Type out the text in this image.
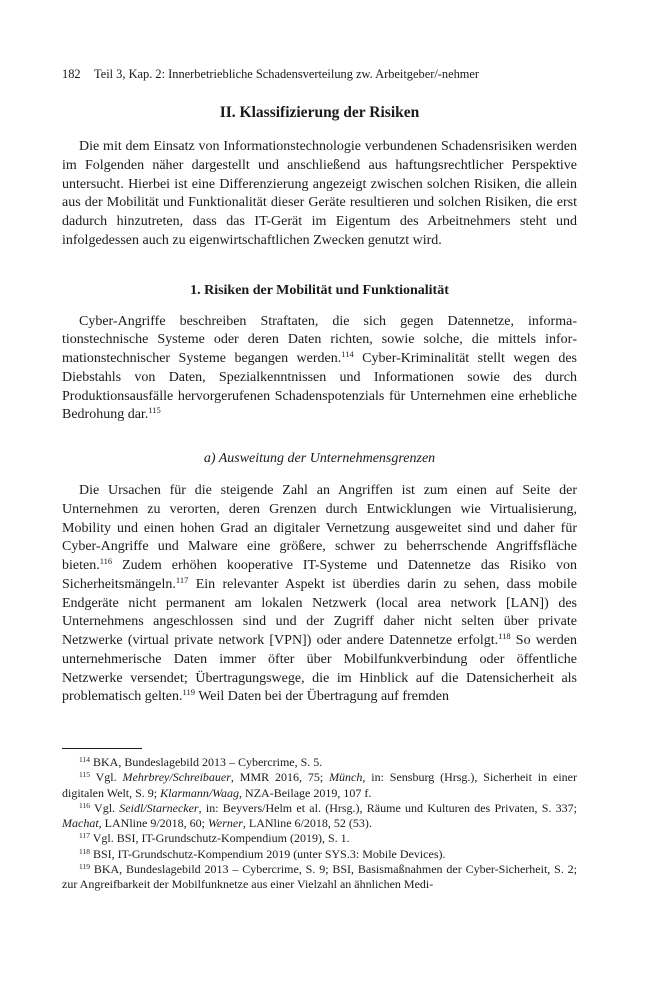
182 Teil 3, Kap. 2: Innerbetriebliche Schadensverteilung zw. Arbeitgeber/-nehmer
II. Klassifizierung der Risiken

Die mit dem Einsatz von Informationstechnologie verbundenen Schadensrisiken werden im Folgenden näher dargestellt und anschließend aus haftungsrechtlicher Perspektive untersucht. Hierbei ist eine Differenzierung angezeigt zwischen solchen Risiken, die allein aus der Mobilität und Funktionalität dieser Geräte resultieren und solchen Risiken, die erst dadurch hinzutreten, dass das IT-Gerät im Eigentum des Arbeitnehmers steht und infolgedessen auch zu eigenwirtschaftlichen Zwecken genutzt wird.

1. Risiken der Mobilität und Funktionalität

Cyber-Angriffe beschreiben Straftaten, die sich gegen Datennetze, informationstechnische Systeme oder deren Daten richten, sowie solche, die mittels informationstechnischer Systeme begangen werden.$^{114}$ Cyber-Kriminalität stellt wegen des Diebstahls von Daten, Spezialkenntnissen und Informationen sowie des durch Produktionsausfälle hervorgerufenen Schadenspotenzials für Unternehmen eine erhebliche Bedrohung dar.$^{115}$

a) Ausweitung der Unternehmensgrenzen

Die Ursachen für die steigende Zahl an Angriffen ist zum einen auf Seite der Unternehmen zu verorten, deren Grenzen durch Entwicklungen wie Virtualisierung, Mobility und einen hohen Grad an digitaler Vernetzung ausgeweitet sind und daher für Cyber-Angriffe und Malware eine größere, schwer zu beherrschende Angriffsfläche bieten.$^{116}$ Zudem erhöhen kooperative IT-Systeme und Datennetze das Risiko von Sicherheitsmängeln.$^{117}$ Ein relevanter Aspekt ist überdies darin zu sehen, dass mobile Endgeräte nicht permanent am lokalen Netzwerk (local area network [LAN]) des Unternehmens angeschlossen sind und der Zugriff daher nicht selten über private Netzwerke (virtual private network [VPN]) oder andere Datennetze erfolgt.$^{118}$ So werden unternehmerische Daten immer öfter über Mobilfunkverbindung oder öffentliche Netzwerke versendet; Übertragungswege, die im Hinblick auf die Datensicherheit als problematisch gelten.$^{119}$ Weil Daten bei der Übertragung auf fremden

$^{114}$ BKA, Bundeslagebild 2013 – Cybercrime, S. 5.

$^{115}$ Vgl. Mehrbrey/Schreibauer, MMR 2016, 75; Münch, in: Sensburg (Hrsg.), Sicherheit in einer digitalen Welt, S. 9; Klarmann/Waag, NZA-Beilage 2019, 107 f.

$^{116}$ Vgl. Seidl/Starnecker, in: Beyvers/Helm et al. (Hrsg.), Räume und Kulturen des Privaten, S. 337; Machat, LANline 9/2018, 60; Werner, LANline 6/2018, 52 (53).

$^{117}$ Vgl. BSI, IT-Grundschutz-Kompendium (2019), S. 1.

$^{118}$ BSI, IT-Grundschutz-Kompendium 2019 (unter SYS.3: Mobile Devices).

$^{119}$ BKA, Bundeslagebild 2013 – Cybercrime, S. 9; BSI, Basismaßnahmen der Cyber-Sicherheit, S. 2; zur Angreifbarkeit der Mobilfunknetze aus einer Vielzahl an ähnlichen Medi-
